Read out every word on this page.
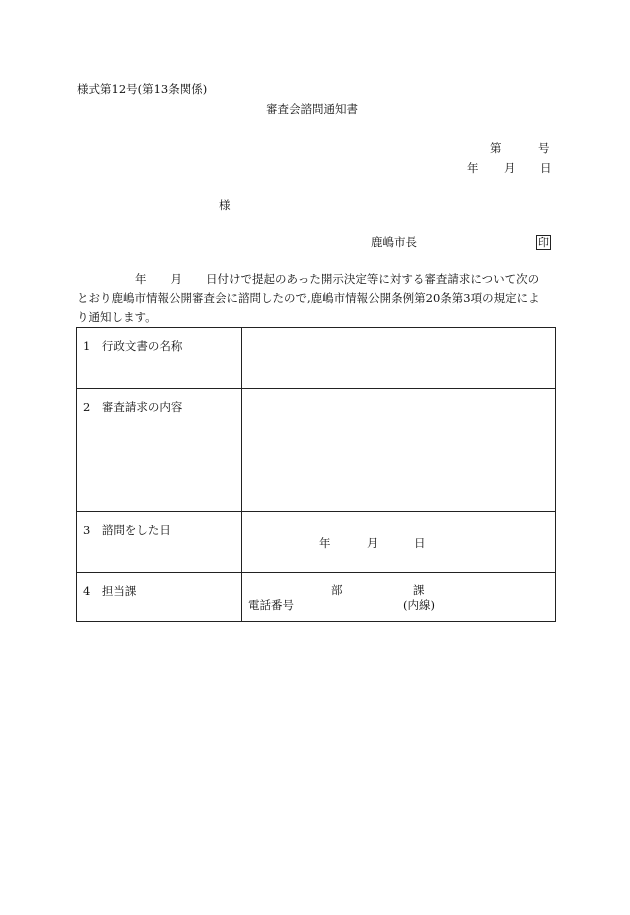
様式第12号(第13条関係)
審査会諮問通知書
第	号
年 月 日
様
鹿嶋市長	印
年 月 日付けで提起のあった開示決定等に対する審査請求について次の
とおり鹿嶋市情報公開審査会に諮問したので,鹿嶋市情報公開条例第20条第3項の規定によ
り通知します。
1　行政文書の名称	
2　審査請求の内容	
3　諮問をした日	年 月 日

4　担当課	部 課
電話番号 (内線)
